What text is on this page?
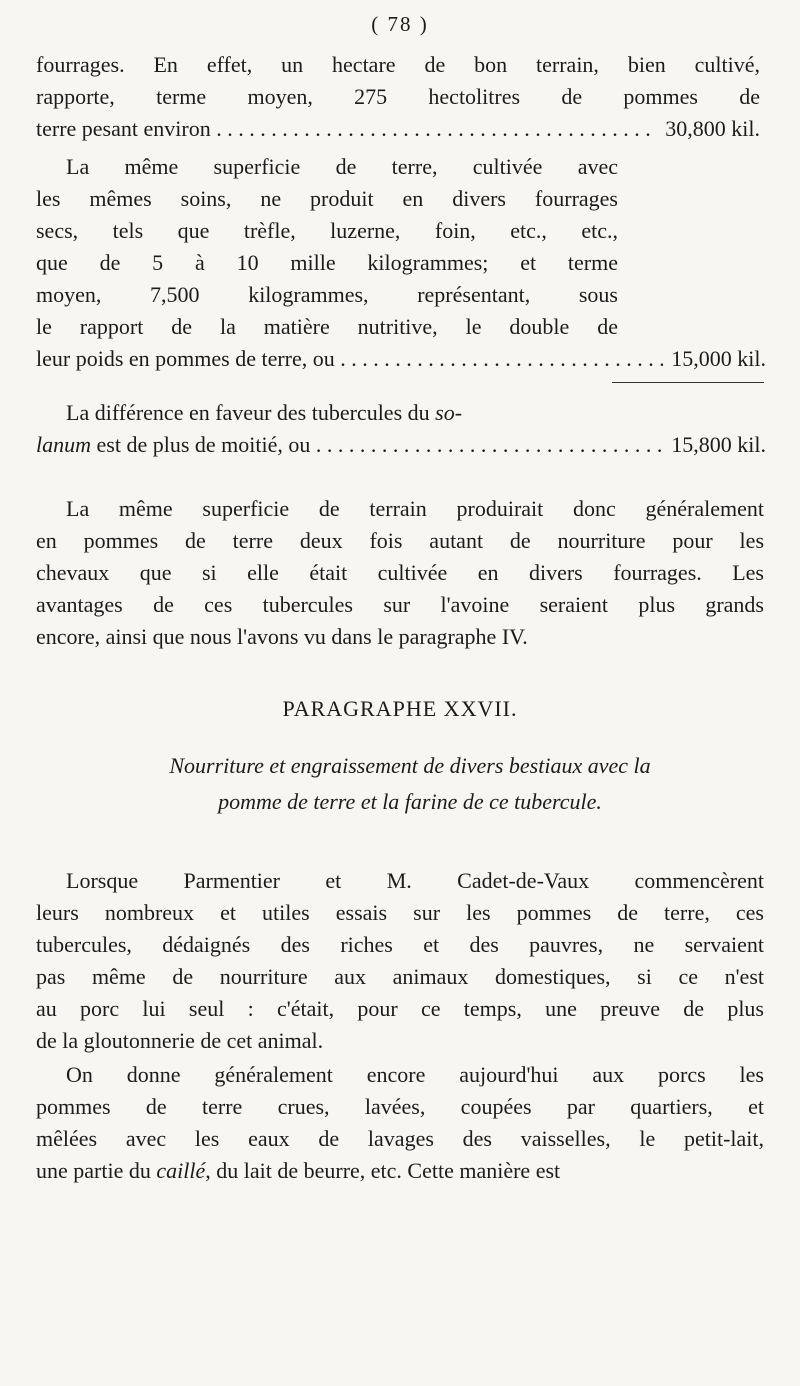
( 78 )
fourrages. En effet, un hectare de bon terrain, bien cultivé,
rapporte, terme moyen, 275 hectolitres de pommes de
terre pesant environ . . .	30,800 kil.
La même superficie de terre, cultivée avec
les mêmes soins, ne produit en divers fourrages
secs, tels que trèfle, luzerne, foin, etc., etc.,
que de 5 à 10 mille kilogrammes; et terme
moyen, 7,500 kilogrammes, représentant, sous
le rapport de la matière nutritive, le double de
leur poids en pommes de terre, ou . . .	15,000 kil.
La différence en faveur des tubercules du so-
lanum est de plus de moitié, ou . . .	15,800 kil.
La même superficie de terrain produirait donc généralement
en pommes de terre deux fois autant de nourriture pour les
chevaux que si elle était cultivée en divers fourrages. Les
avantages de ces tubercules sur l'avoine seraient plus grands
encore, ainsi que nous l'avons vu dans le paragraphe IV.
PARAGRAPHE XXVII.
Nourriture et engraissement de divers bestiaux avec la
pomme de terre et la farine de ce tubercule.
Lorsque Parmentier et M. Cadet-de-Vaux commencèrent
leurs nombreux et utiles essais sur les pommes de terre, ces
tubercules, dédaignés des riches et des pauvres, ne servaient
pas même de nourriture aux animaux domestiques, si ce n'est
au porc lui seul : c'était, pour ce temps, une preuve de plus
de la gloutonnerie de cet animal.
On donne généralement encore aujourd'hui aux porcs les
pommes de terre crues, lavées, coupées par quartiers, et
mêlées avec les eaux de lavages des vaisselles, le petit-lait,
une partie du caillé, du lait de beurre, etc. Cette manière est
